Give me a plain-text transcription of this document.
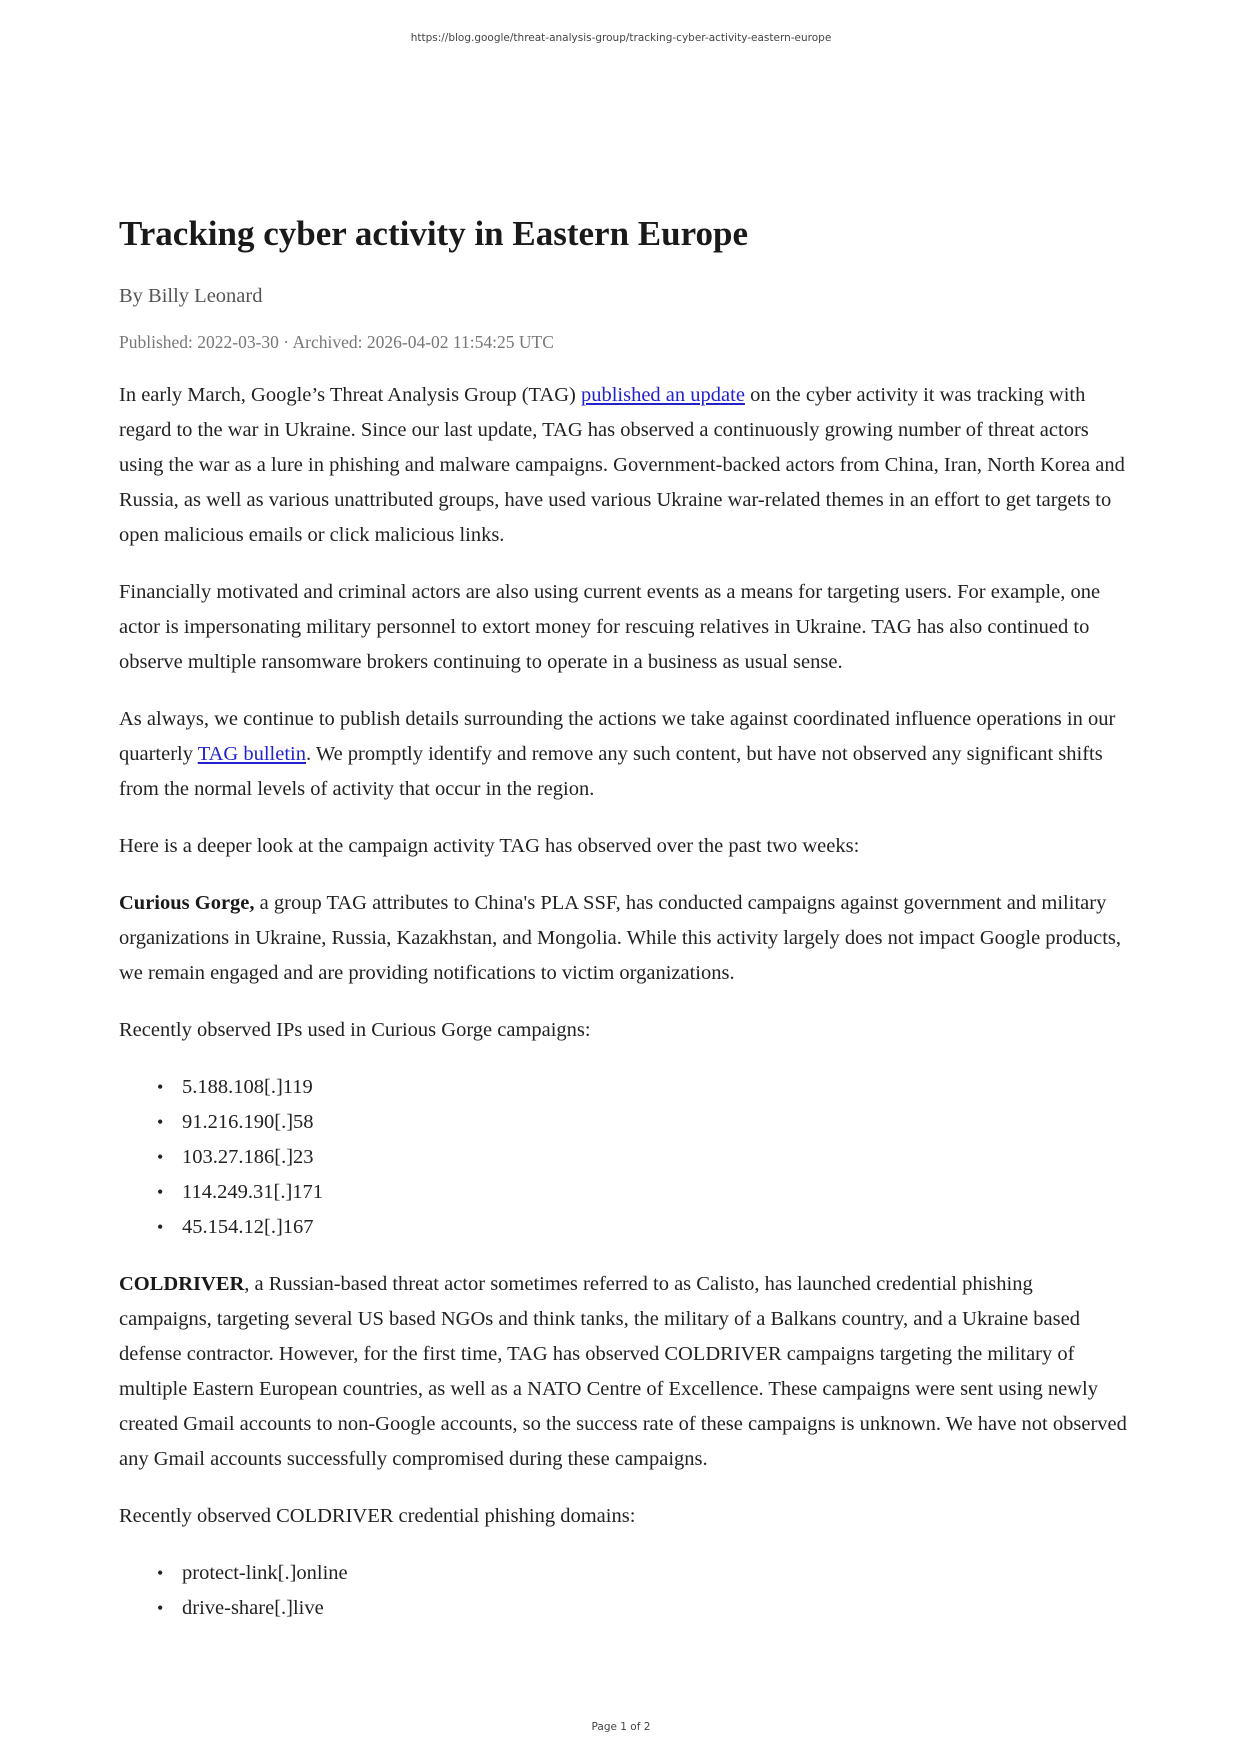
https://blog.google/threat-analysis-group/tracking-cyber-activity-eastern-europe
Tracking cyber activity in Eastern Europe
By Billy Leonard
Published: 2022-03-30 · Archived: 2026-04-02 11:54:25 UTC

In early March, Google’s Threat Analysis Group (TAG) published an update on the cyber activity it was tracking with regard to the war in Ukraine. Since our last update, TAG has observed a continuously growing number of threat actors using the war as a lure in phishing and malware campaigns. Government-backed actors from China, Iran, North Korea and Russia, as well as various unattributed groups, have used various Ukraine war-related themes in an effort to get targets to open malicious emails or click malicious links.

Financially motivated and criminal actors are also using current events as a means for targeting users. For example, one actor is impersonating military personnel to extort money for rescuing relatives in Ukraine. TAG has also continued to observe multiple ransomware brokers continuing to operate in a business as usual sense.

As always, we continue to publish details surrounding the actions we take against coordinated influence operations in our quarterly TAG bulletin. We promptly identify and remove any such content, but have not observed any significant shifts from the normal levels of activity that occur in the region.

Here is a deeper look at the campaign activity TAG has observed over the past two weeks:

Curious Gorge, a group TAG attributes to China's PLA SSF, has conducted campaigns against government and military organizations in Ukraine, Russia, Kazakhstan, and Mongolia. While this activity largely does not impact Google products, we remain engaged and are providing notifications to victim organizations.

Recently observed IPs used in Curious Gorge campaigns:

• 5.188.108[.]119
• 91.216.190[.]58
• 103.27.186[.]23
• 114.249.31[.]171
• 45.154.12[.]167

COLDRIVER, a Russian-based threat actor sometimes referred to as Calisto, has launched credential phishing campaigns, targeting several US based NGOs and think tanks, the military of a Balkans country, and a Ukraine based defense contractor. However, for the first time, TAG has observed COLDRIVER campaigns targeting the military of multiple Eastern European countries, as well as a NATO Centre of Excellence. These campaigns were sent using newly created Gmail accounts to non-Google accounts, so the success rate of these campaigns is unknown. We have not observed any Gmail accounts successfully compromised during these campaigns.

Recently observed COLDRIVER credential phishing domains:

• protect-link[.]online
• drive-share[.]live
Page 1 of 2
